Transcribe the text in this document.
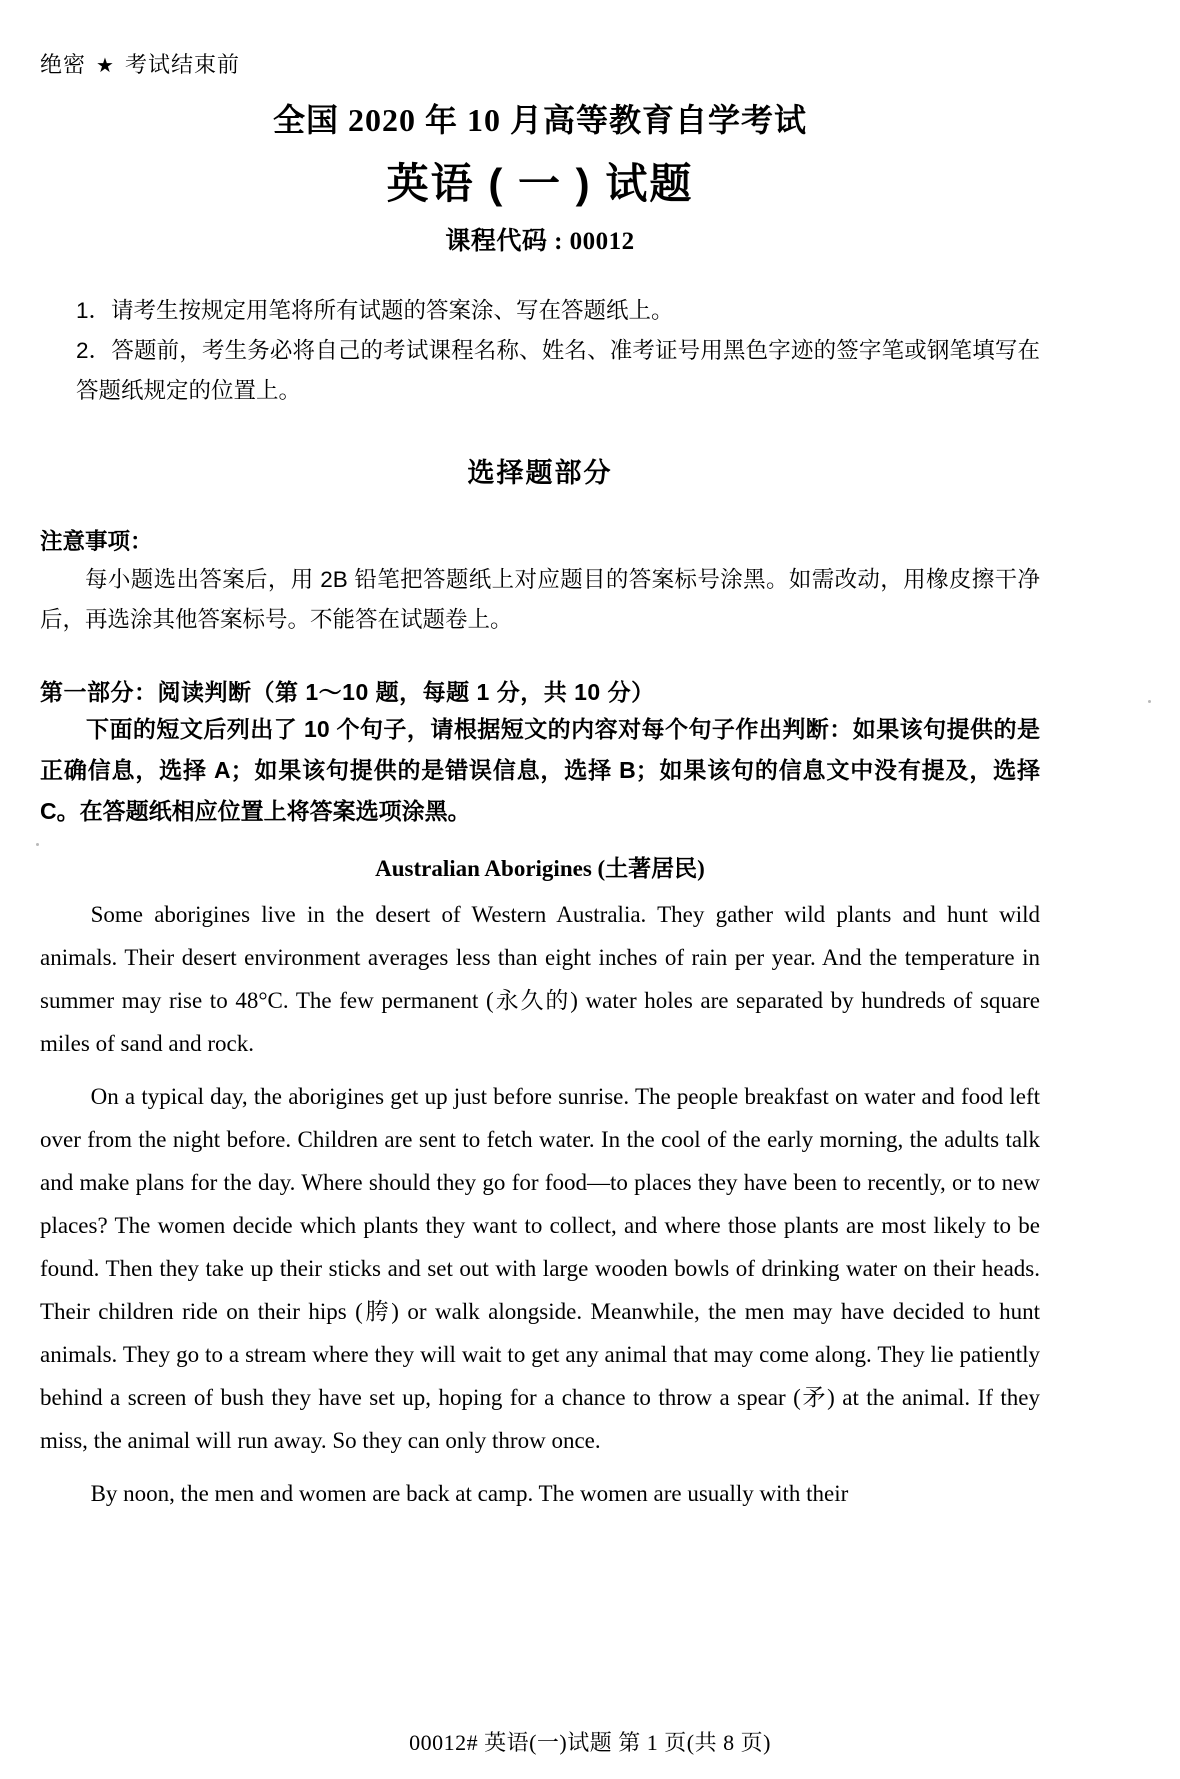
绝密 ★ 考试结束前
全国 2020 年 10 月高等教育自学考试
英语 ( 一 ) 试题
课程代码 : 00012
1．请考生按规定用笔将所有试题的答案涂、写在答题纸上。
2．答题前，考生务必将自己的考试课程名称、姓名、准考证号用黑色字迹的签字笔或钢笔填写在答题纸规定的位置上。
选择题部分
注意事项：
每小题选出答案后，用 2B 铅笔把答题纸上对应题目的答案标号涂黑。如需改动，用橡皮擦干净后，再选涂其他答案标号。不能答在试题卷上。
第一部分：阅读判断（第 1～10 题，每题 1 分，共 10 分）
下面的短文后列出了 10 个句子，请根据短文的内容对每个句子作出判断：如果该句提供的是正确信息，选择 A；如果该句提供的是错误信息，选择 B；如果该句的信息文中没有提及，选择 C。在答题纸相应位置上将答案选项涂黑。
Australian Aborigines (土著居民)

Some aborigines live in the desert of Western Australia. They gather wild plants and hunt wild animals. Their desert environment averages less than eight inches of rain per year. And the temperature in summer may rise to 48°C. The few permanent (永久的) water holes are separated by hundreds of square miles of sand and rock.

On a typical day, the aborigines get up just before sunrise. The people breakfast on water and food left over from the night before. Children are sent to fetch water. In the cool of the early morning, the adults talk and make plans for the day. Where should they go for food—to places they have been to recently, or to new places? The women decide which plants they want to collect, and where those plants are most likely to be found. Then they take up their sticks and set out with large wooden bowls of drinking water on their heads. Their children ride on their hips (胯) or walk alongside. Meanwhile, the men may have decided to hunt animals. They go to a stream where they will wait to get any animal that may come along. They lie patiently behind a screen of bush they have set up, hoping for a chance to throw a spear (矛) at the animal. If they miss, the animal will run away. So they can only throw once.

By noon, the men and women are back at camp. The women are usually with their

00012# 英语(一)试题 第 1 页(共 8 页)
